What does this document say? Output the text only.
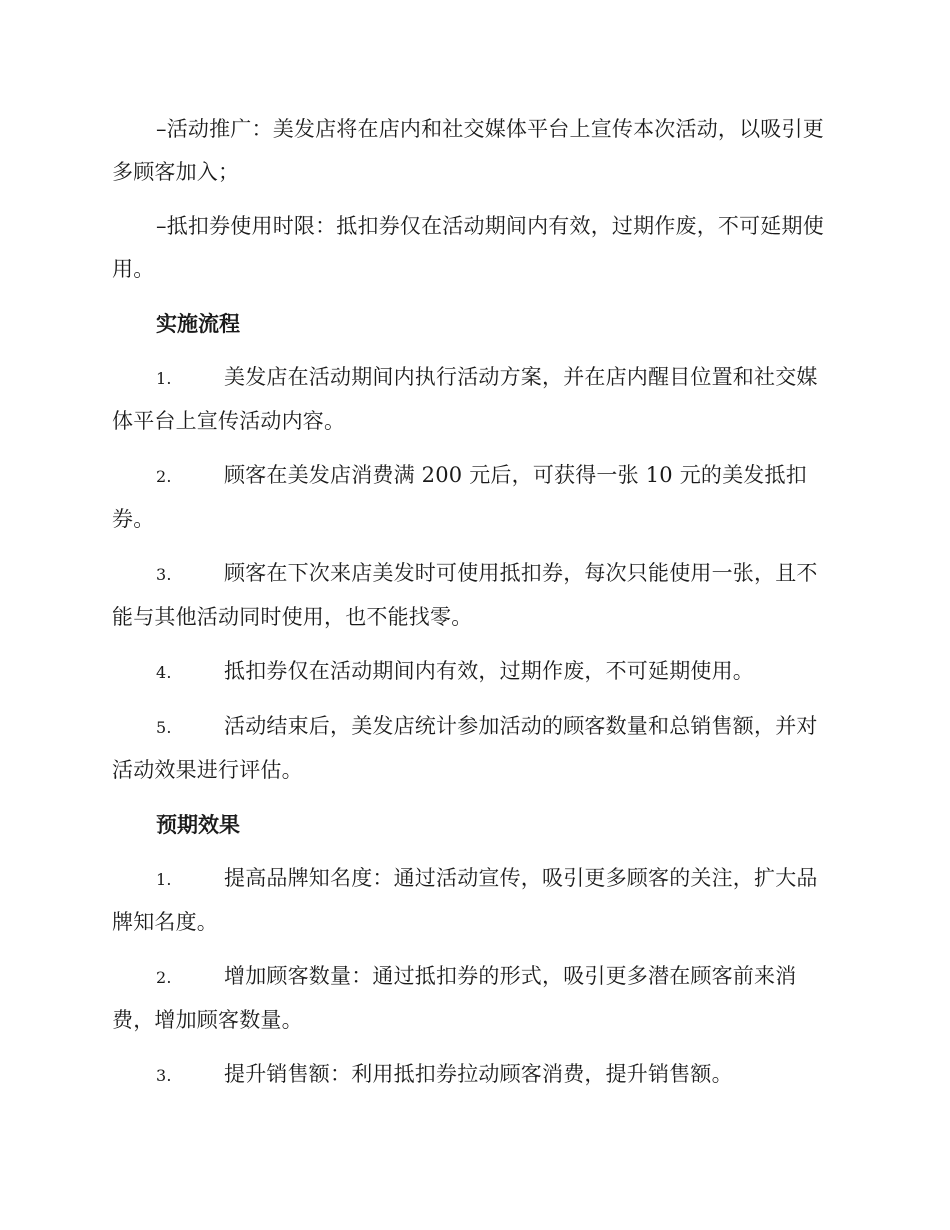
–活动推广：美发店将在店内和社交媒体平台上宣传本次活动，以吸引更多顾客加入；

–抵扣券使用时限：抵扣券仅在活动期间内有效，过期作废，不可延期使用。

实施流程

1. 美发店在活动期间内执行活动方案，并在店内醒目位置和社交媒体平台上宣传活动内容。

2. 顾客在美发店消费满 200 元后，可获得一张 10 元的美发抵扣券。

3. 顾客在下次来店美发时可使用抵扣券，每次只能使用一张，且不能与其他活动同时使用，也不能找零。

4. 抵扣券仅在活动期间内有效，过期作废，不可延期使用。

5. 活动结束后，美发店统计参加活动的顾客数量和总销售额，并对活动效果进行评估。

预期效果

1. 提高品牌知名度：通过活动宣传，吸引更多顾客的关注，扩大品牌知名度。

2. 增加顾客数量：通过抵扣券的形式，吸引更多潜在顾客前来消费，增加顾客数量。

3. 提升销售额：利用抵扣券拉动顾客消费，提升销售额。
